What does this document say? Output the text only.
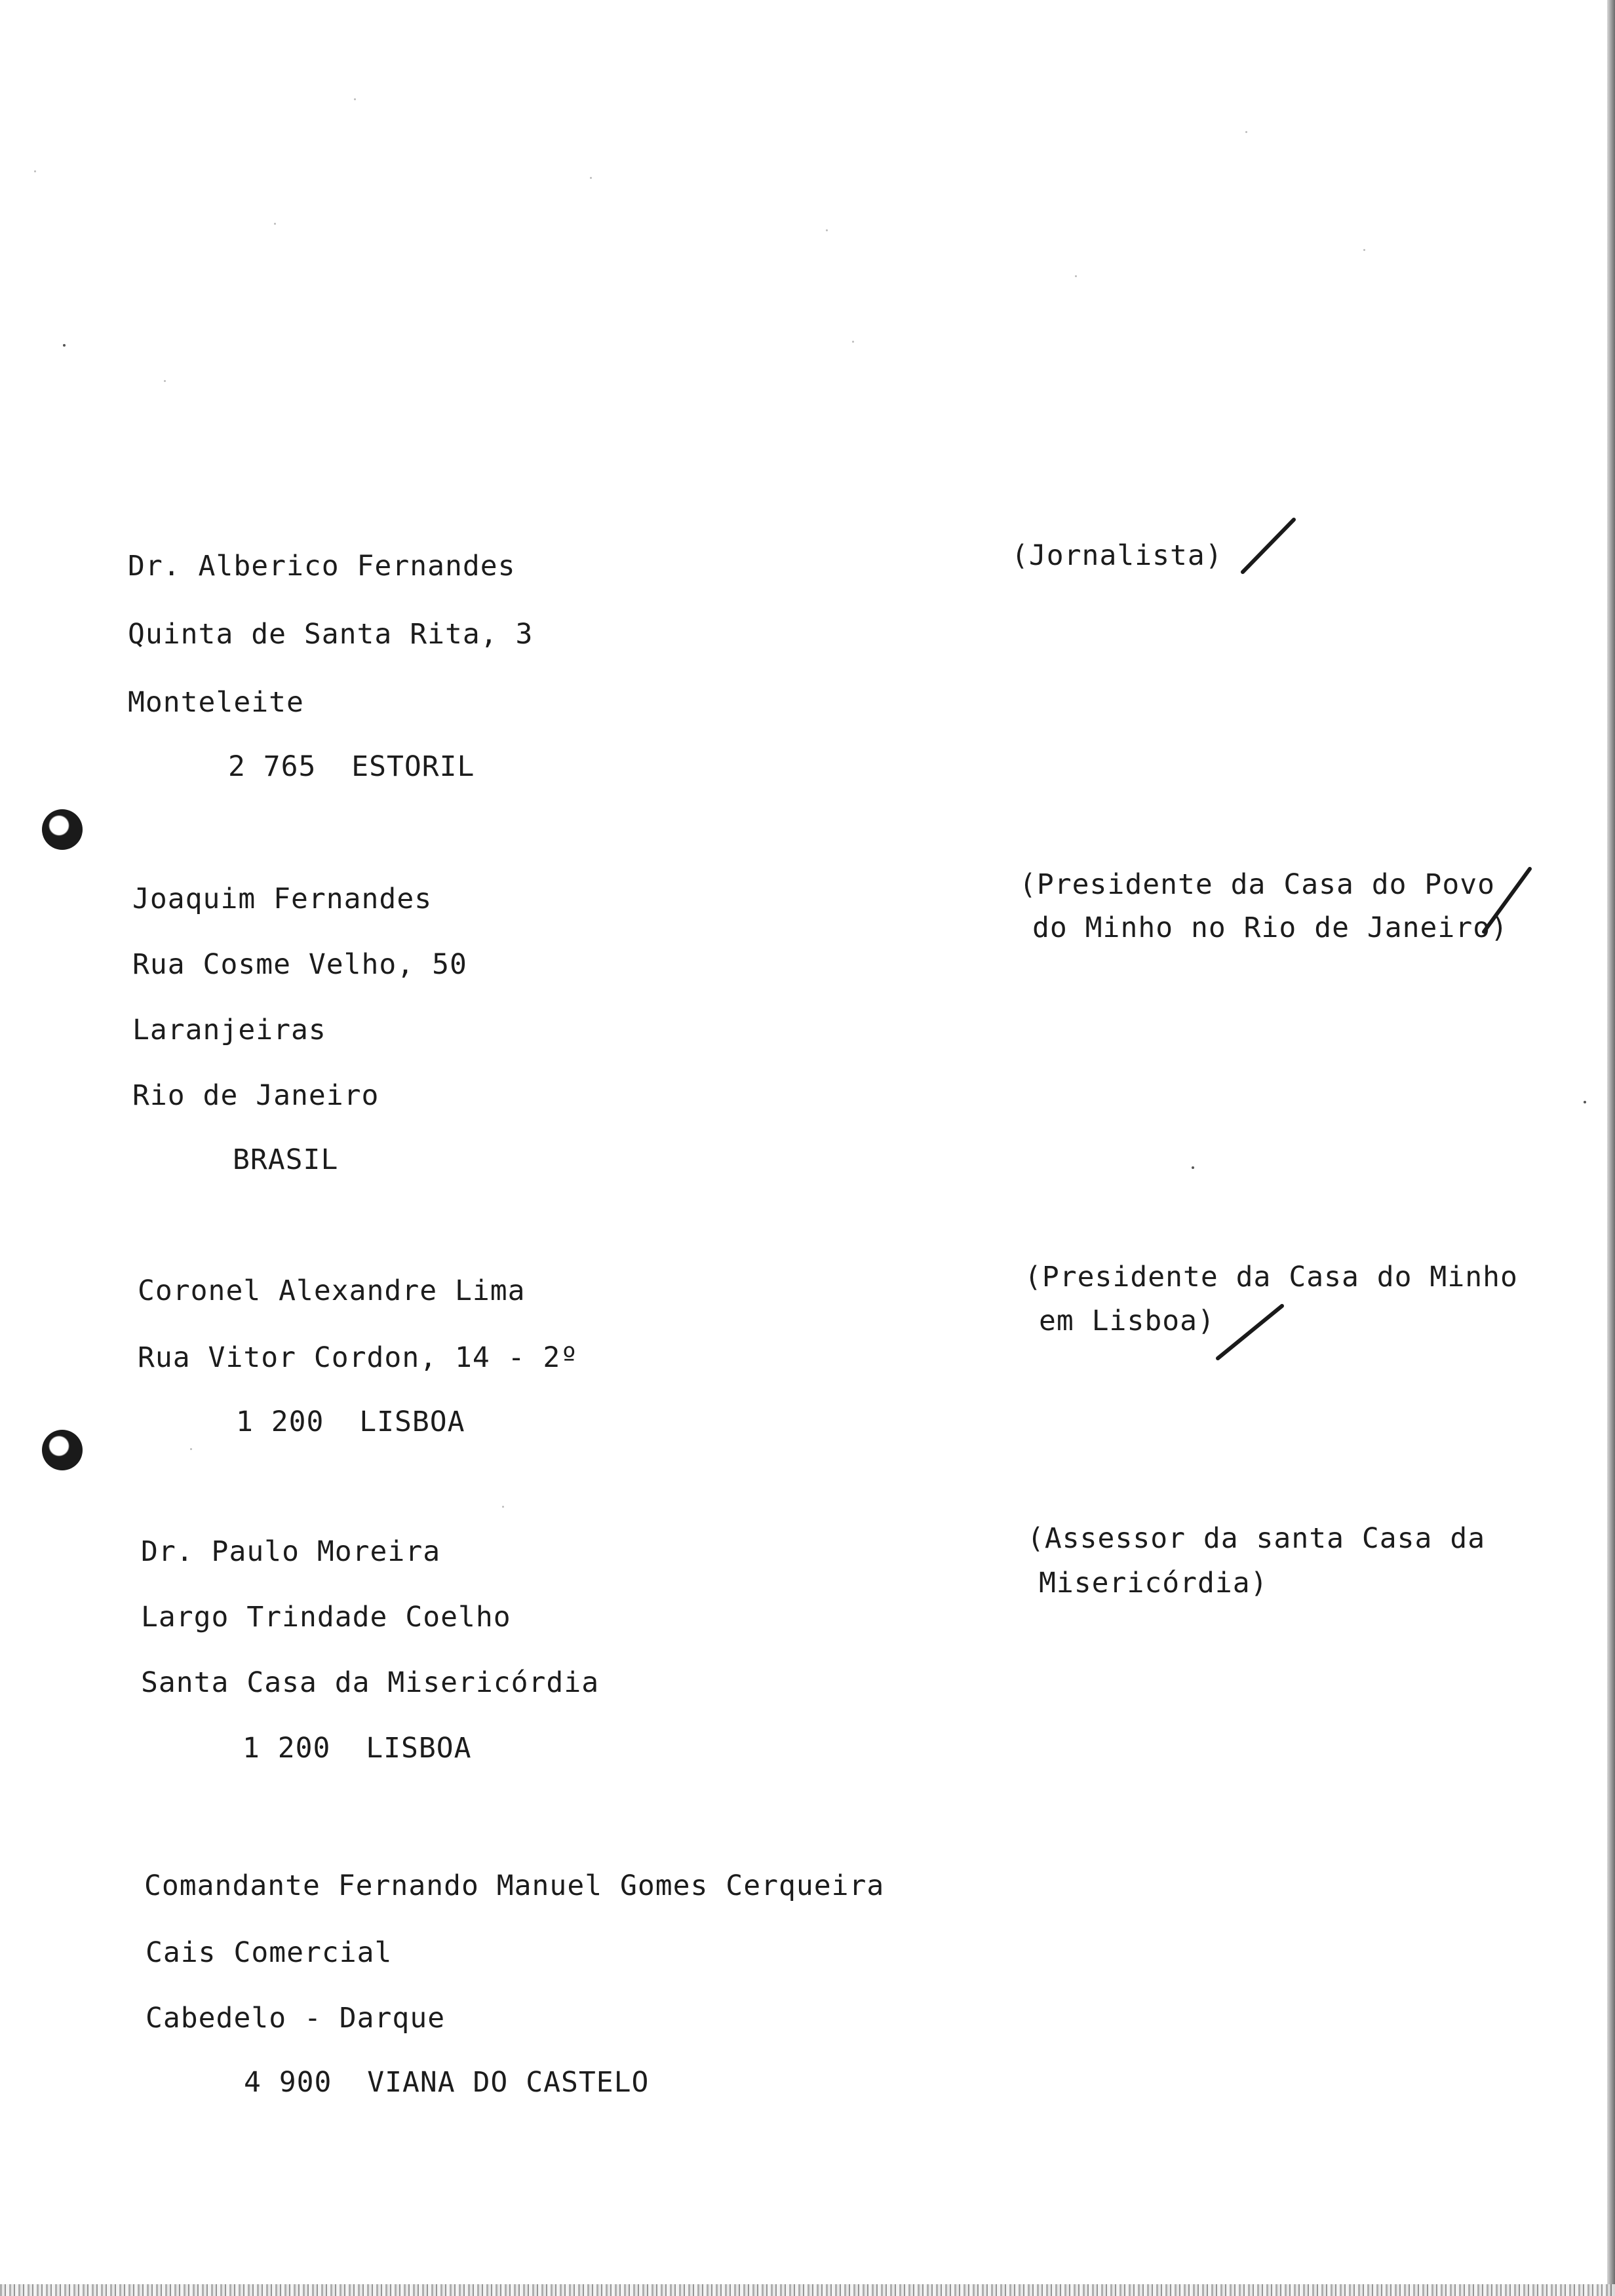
Dr. Alberico Fernandes
Quinta de Santa Rita, 3
Monteleite
2 765  ESTORIL
(Jornalista)
Joaquim Fernandes
Rua Cosme Velho, 50
Laranjeiras
Rio de Janeiro
BRASIL
(Presidente da Casa do Povo
do Minho no Rio de Janeiro)
Coronel Alexandre Lima
Rua Vitor Cordon, 14 - 2º
1 200  LISBOA
(Presidente da Casa do Minho
em Lisboa)
Dr. Paulo Moreira
Largo Trindade Coelho
Santa Casa da Misericórdia
1 200  LISBOA
(Assessor da santa Casa da
Misericórdia)
Comandante Fernando Manuel Gomes Cerqueira
Cais Comercial
Cabedelo - Darque
4 900  VIANA DO CASTELO
